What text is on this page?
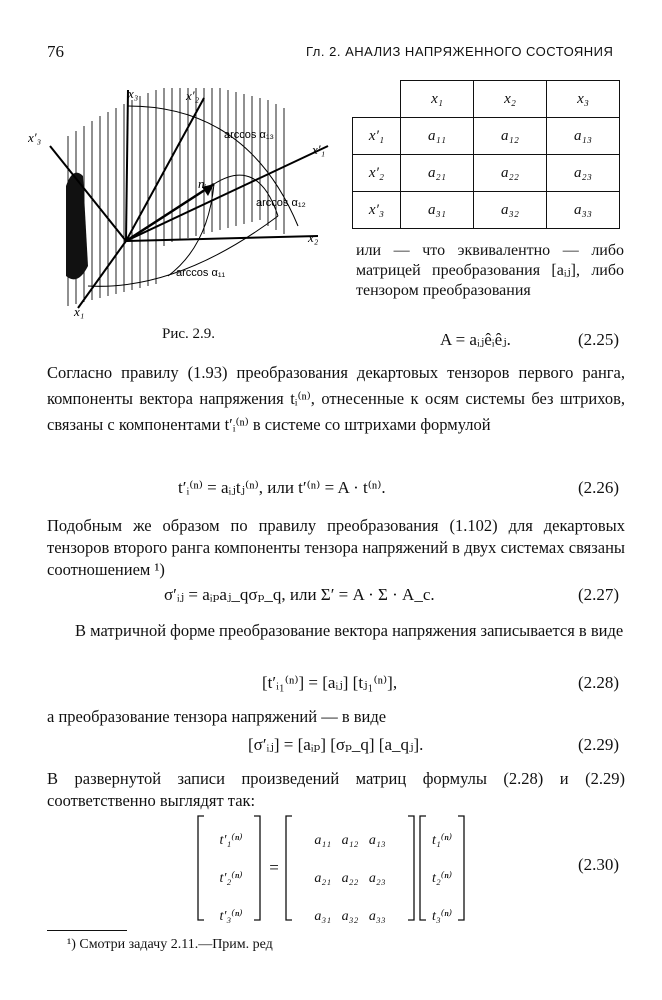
76	Гл. 2. АНАЛИЗ НАПРЯЖЕННОГО СОСТОЯНИЯ
x₃
x′₃
x′₂
x′₁
x₂
x₁
nᵢ
arccos α₁₃
arccos α₁₂
arccos α₁₁
Рис. 2.9.
	x₁	x₂	x₃
x′₁	a₁₁	a₁₂	a₁₃
x′₂	a₂₁	a₂₂	a₂₃
x′₃	a₃₁	a₃₂	a₃₃
или — что эквивалентно — либо матрицей преобразования [aᵢⱼ], либо тензором преобразования
A = aᵢⱼêᵢêⱼ.	(2.25)
Согласно правилу (1.93) преобразования декартовых тензоров первого ранга, компоненты вектора напряжения tᵢ⁽ⁿ⁾, отнесенные к осям системы без штрихов, связаны с компонентами t′ᵢ⁽ⁿ⁾ в системе со штрихами формулой
t′ᵢ⁽ⁿ⁾ = aᵢⱼtⱼ⁽ⁿ⁾, или t′⁽ⁿ⁾ = A · t⁽ⁿ⁾.	(2.26)
Подобным же образом по правилу преобразования (1.102) для декартовых тензоров второго ранга компоненты тензора напряжений в двух системах связаны соотношением ¹)
σ′ᵢⱼ = aᵢₚaⱼ_qσₚ_q, или Σ′ = A · Σ · A_c.	(2.27)
В матричной форме преобразование вектора напряжения записывается в виде
[t′ᵢ₁⁽ⁿ⁾] = [aᵢⱼ] [tⱼ₁⁽ⁿ⁾],	(2.28)
а преобразование тензора напряжений — в виде
[σ′ᵢⱼ] = [aᵢₚ] [σₚ_q] [a_qⱼ].	(2.29)
В развернутой записи произведений матриц формулы (2.28) и (2.29) соответственно выглядят так:
t′₁⁽ⁿ⁾
t′₂⁽ⁿ⁾
t′₃⁽ⁿ⁾
=
a₁₁ a₁₂ a₁₃
a₂₁ a₂₂ a₂₃
a₃₁ a₃₂ a₃₃
t₁⁽ⁿ⁾
t₂⁽ⁿ⁾
t₃⁽ⁿ⁾
(2.30)
¹) Смотри задачу 2.11.—Прим. ред
